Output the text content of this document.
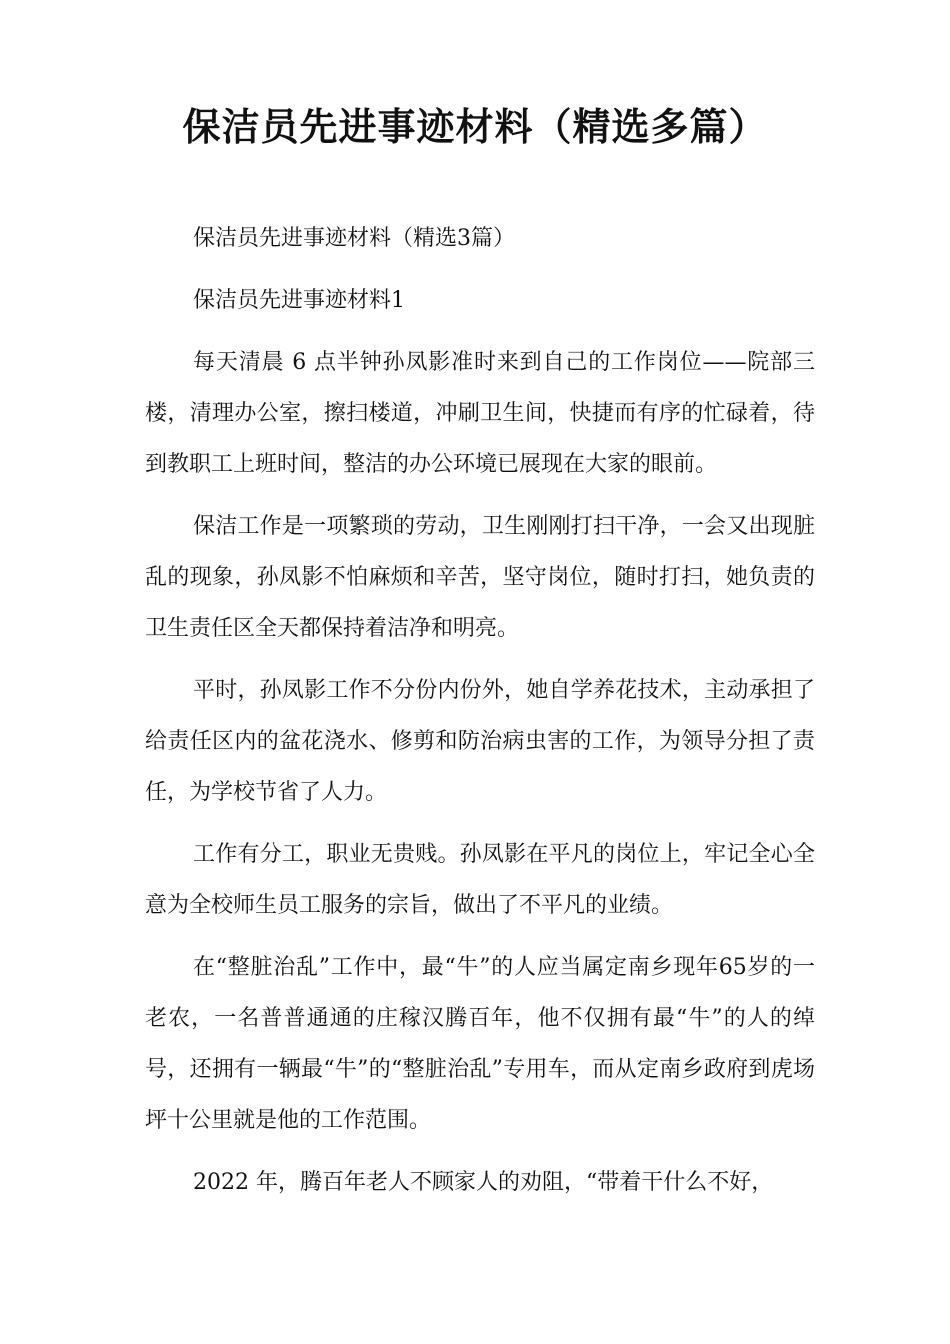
保洁员先进事迹材料（精选多篇）

保洁员先进事迹材料（精选3篇）

保洁员先进事迹材料1

每天清晨 6 点半钟孙凤影准时来到自己的工作岗位——院部三楼，清理办公室，擦扫楼道，冲刷卫生间，快捷而有序的忙碌着，待到教职工上班时间，整洁的办公环境已展现在大家的眼前。

保洁工作是一项繁琐的劳动，卫生刚刚打扫干净，一会又出现脏乱的现象，孙凤影不怕麻烦和辛苦，坚守岗位，随时打扫，她负责的卫生责任区全天都保持着洁净和明亮。

平时，孙凤影工作不分份内份外，她自学养花技术，主动承担了给责任区内的盆花浇水、修剪和防治病虫害的工作，为领导分担了责任，为学校节省了人力。

工作有分工，职业无贵贱。孙凤影在平凡的岗位上，牢记全心全意为全校师生员工服务的宗旨，做出了不平凡的业绩。

在“整脏治乱”工作中，最“牛”的人应当属定南乡现年65岁的一老农，一名普普通通的庄稼汉腾百年，他不仅拥有最“牛”的人的绰号，还拥有一辆最“牛”的“整脏治乱”专用车，而从定南乡政府到虎场坪十公里就是他的工作范围。

2022 年，腾百年老人不顾家人的劝阻，“带着干什么不好，
